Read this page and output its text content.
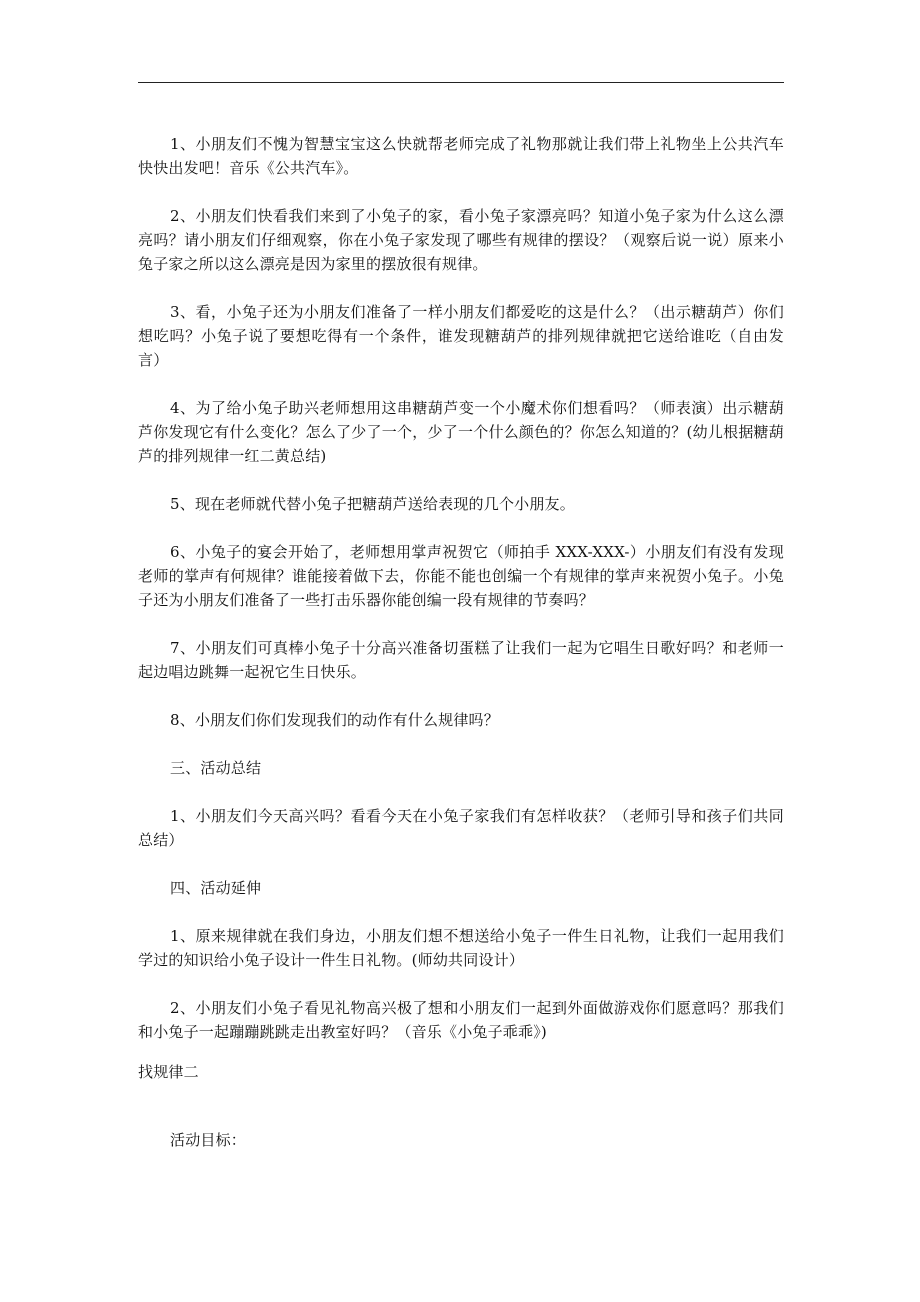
1、小朋友们不愧为智慧宝宝这么快就帮老师完成了礼物那就让我们带上礼物坐上公共汽车快快出发吧！音乐《公共汽车》。

2、小朋友们快看我们来到了小兔子的家，看小兔子家漂亮吗？知道小兔子家为什么这么漂亮吗？请小朋友们仔细观察，你在小兔子家发现了哪些有规律的摆设？（观察后说一说）原来小兔子家之所以这么漂亮是因为家里的摆放很有规律。

3、看，小兔子还为小朋友们准备了一样小朋友们都爱吃的这是什么？（出示糖葫芦）你们想吃吗？小兔子说了要想吃得有一个条件，谁发现糖葫芦的排列规律就把它送给谁吃（自由发言）

4、为了给小兔子助兴老师想用这串糖葫芦变一个小魔术你们想看吗？（师表演）出示糖葫芦你发现它有什么变化？怎么了少了一个，少了一个什么颜色的？你怎么知道的？(幼儿根据糖葫芦的排列规律一红二黄总结)

5、现在老师就代替小兔子把糖葫芦送给表现的几个小朋友。

6、小兔子的宴会开始了，老师想用掌声祝贺它（师拍手 XXX-XXX-）小朋友们有没有发现老师的掌声有何规律？谁能接着做下去，你能不能也创编一个有规律的掌声来祝贺小兔子。小兔子还为小朋友们准备了一些打击乐器你能创编一段有规律的节奏吗？

7、小朋友们可真棒小兔子十分高兴准备切蛋糕了让我们一起为它唱生日歌好吗？和老师一起边唱边跳舞一起祝它生日快乐。

8、小朋友们你们发现我们的动作有什么规律吗？

三、活动总结

1、小朋友们今天高兴吗？看看今天在小兔子家我们有怎样收获？（老师引导和孩子们共同总结）

四、活动延伸

1、原来规律就在我们身边，小朋友们想不想送给小兔子一件生日礼物，让我们一起用我们学过的知识给小兔子设计一件生日礼物。(师幼共同设计）

2、小朋友们小兔子看见礼物高兴极了想和小朋友们一起到外面做游戏你们愿意吗？那我们和小兔子一起蹦蹦跳跳走出教室好吗？（音乐《小兔子乖乖》)

找规律二

活动目标：
